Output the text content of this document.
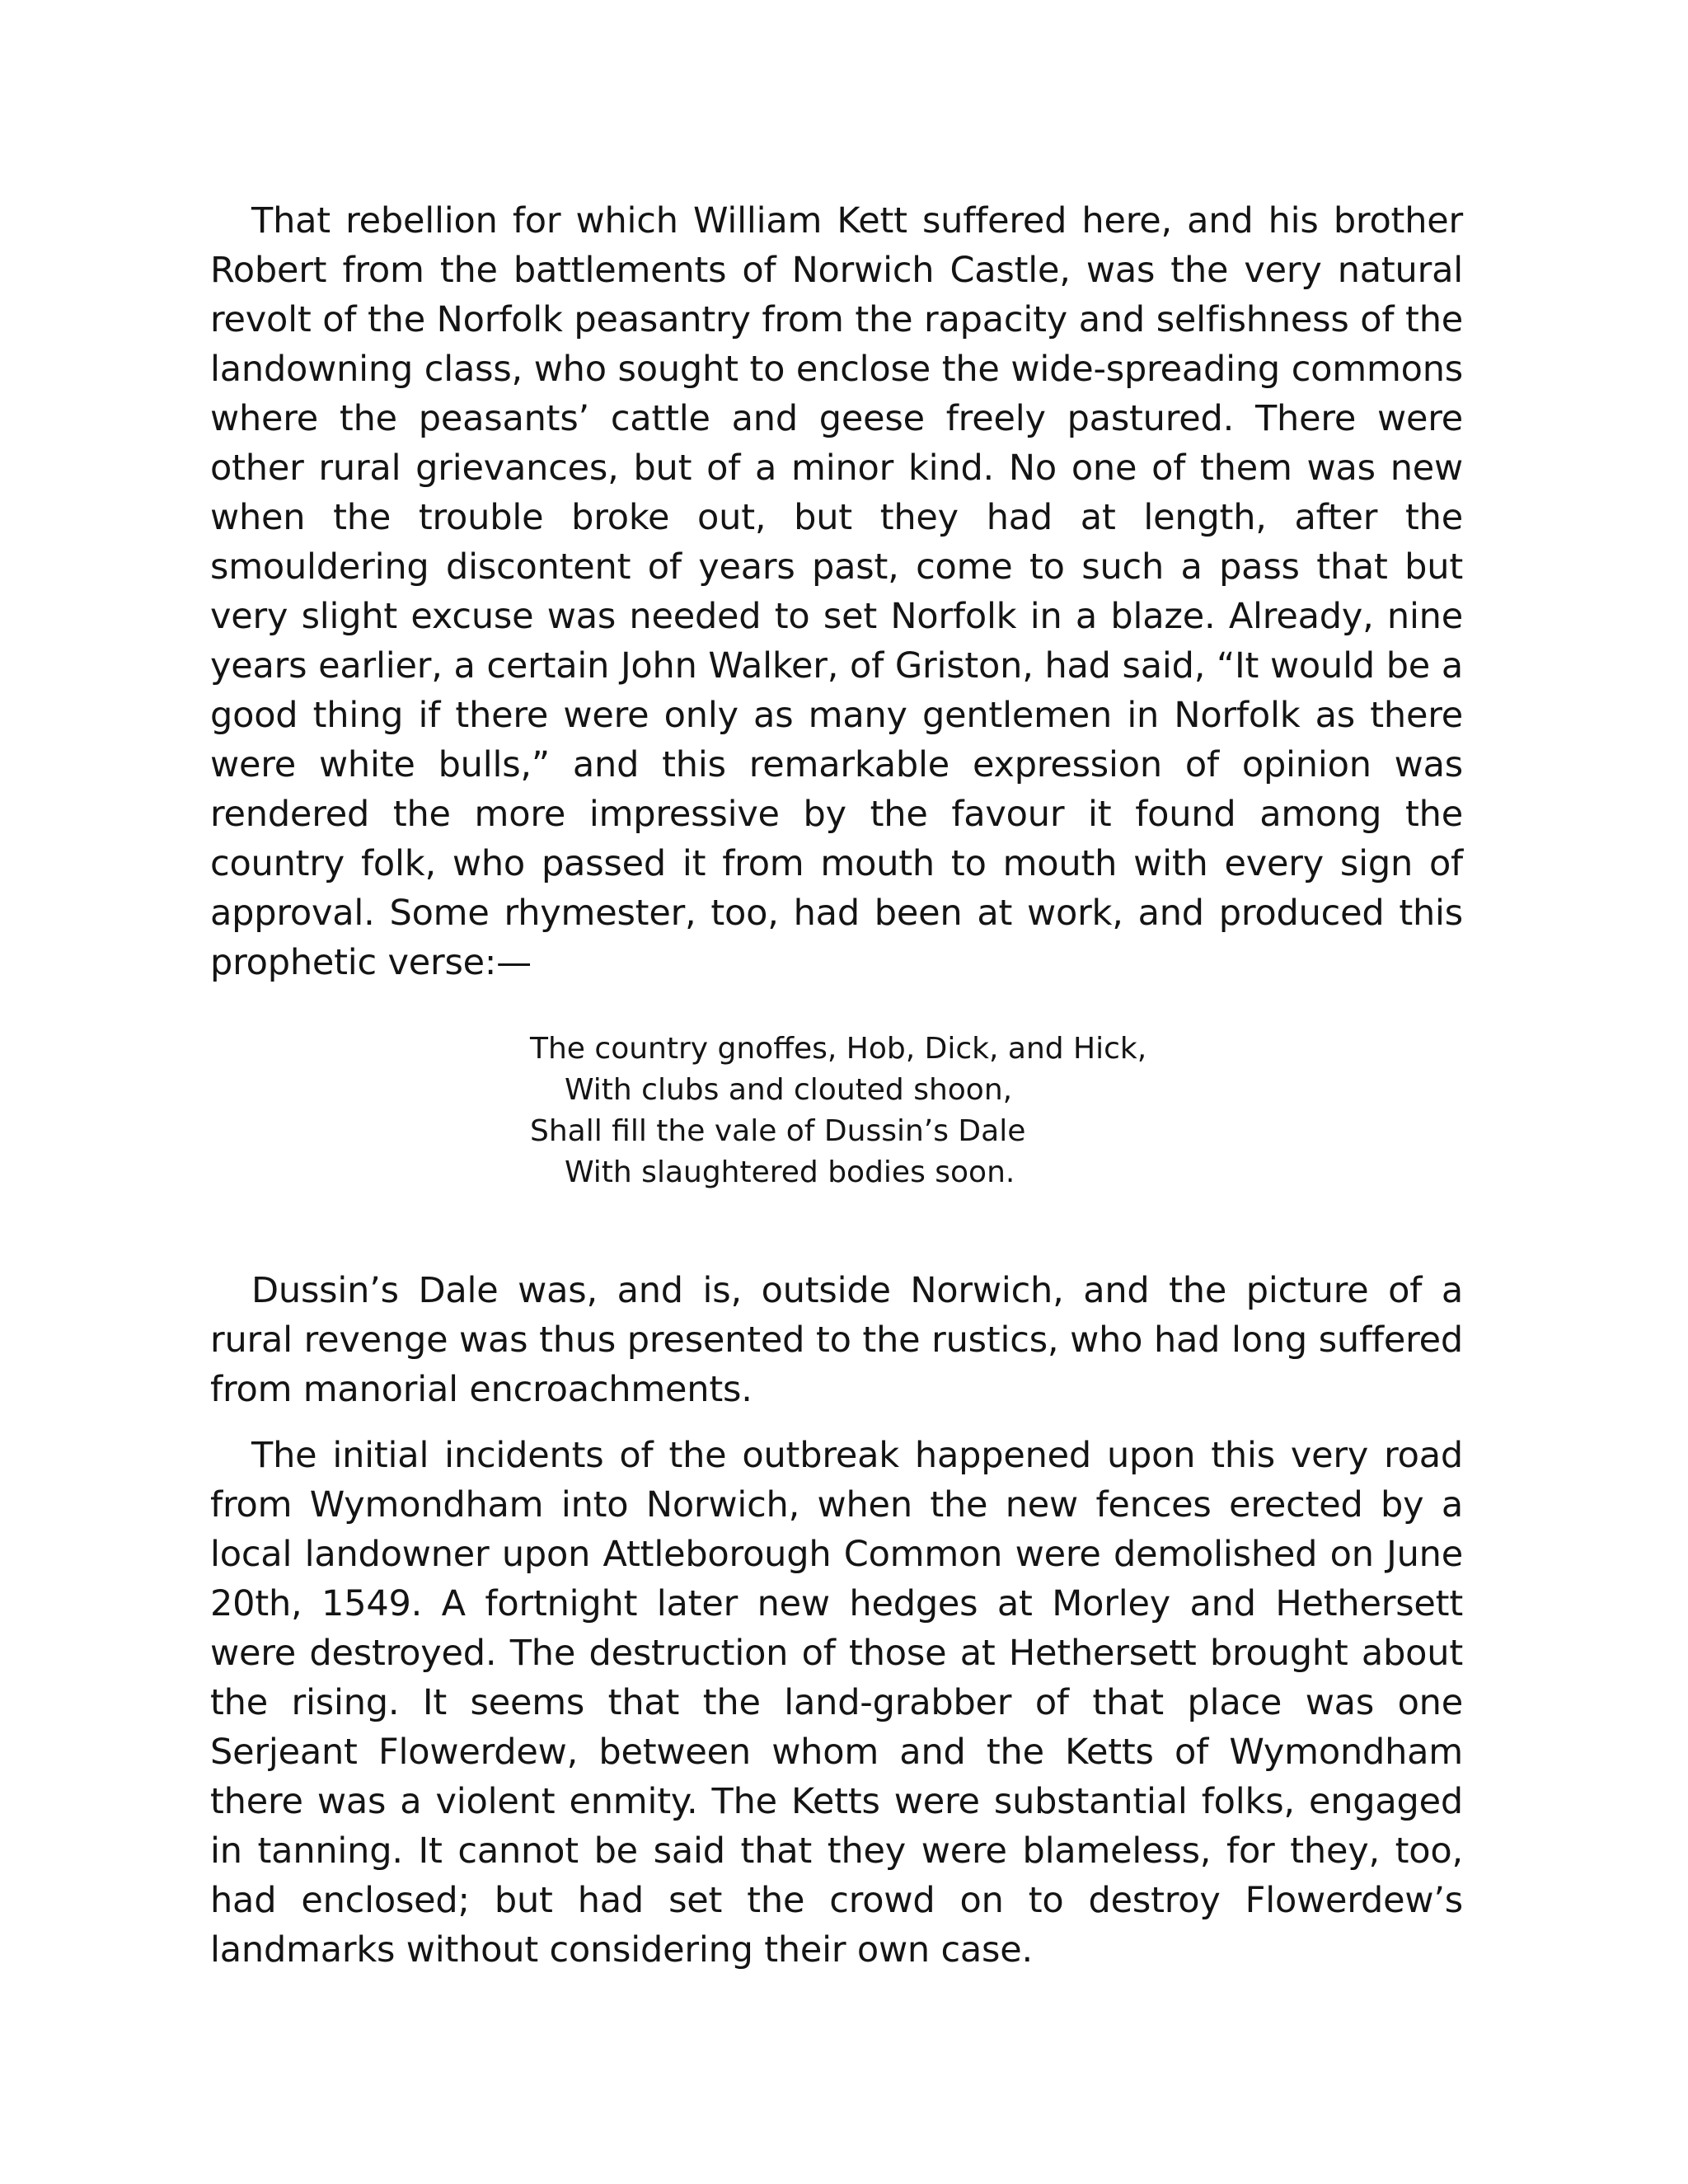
That rebellion for which William Kett suffered here, and his brother Robert from the battlements of Norwich Castle, was the very natural revolt of the Norfolk peasantry from the rapacity and selfishness of the landowning class, who sought to enclose the wide-spreading commons where the peasants’ cattle and geese freely pastured. There were other rural grievances, but of a minor kind. No one of them was new when the trouble broke out, but they had at length, after the smouldering discontent of years past, come to such a pass that but very slight excuse was needed to set Norfolk in a blaze. Already, nine years earlier, a certain John Walker, of Griston, had said, “It would be a good thing if there were only as many gentlemen in Norfolk as there were white bulls,” and this remarkable expression of opinion was rendered the more impressive by the favour it found among the country folk, who passed it from mouth to mouth with every sign of approval. Some rhymester, too, had been at work, and produced this prophetic verse:—

The country gnoffes, Hob, Dick, and Hick,
With clubs and clouted shoon,
Shall fill the vale of Dussin’s Dale
With slaughtered bodies soon.

Dussin’s Dale was, and is, outside Norwich, and the picture of a rural revenge was thus presented to the rustics, who had long suffered from manorial encroachments.

The initial incidents of the outbreak happened upon this very road from Wymondham into Norwich, when the new fences erected by a local landowner upon Attleborough Common were demolished on June 20th, 1549. A fortnight later new hedges at Morley and Hethersett were destroyed. The destruction of those at Hethersett brought about the rising. It seems that the land-grabber of that place was one Serjeant Flowerdew, between whom and the Ketts of Wymondham there was a violent enmity. The Ketts were substantial folks, engaged in tanning. It cannot be said that they were blameless, for they, too, had enclosed; but had set the crowd on to destroy Flowerdew’s landmarks without considering their own case.
